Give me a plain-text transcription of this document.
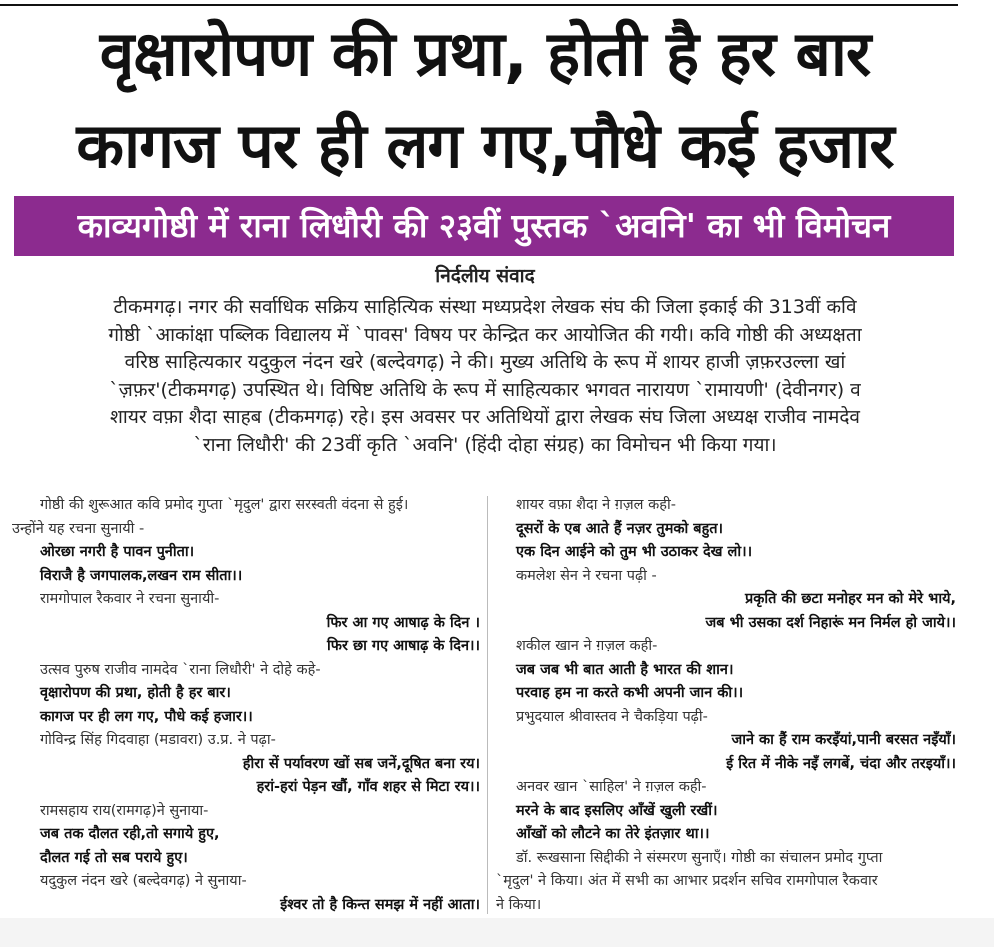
वृक्षारोपण की प्रथा, होती है हर बार
कागज पर ही लग गए,पौधे कई हजार
काव्यगोष्ठी में राना लिधौरी की २३वीं पुस्तक `अवनि' का भी विमोचन
निर्दलीय संवाद
टीकमगढ़। नगर की सर्वाधिक सक्रिय साहित्यिक संस्था मध्यप्रदेश लेखक संघ की जिला इकाई की 313वीं कवि
गोष्ठी `आकांक्षा पब्लिक विद्यालय में `पावस' विषय पर केन्द्रित कर आयोजित की गयी। कवि गोष्ठी की अध्यक्षता
वरिष्ठ साहित्यकार यदुकुल नंदन खरे (बल्देवगढ़) ने की। मुख्य अतिथि के रूप में शायर हाजी ज़फ़रउल्ला खां
`ज़फ़र'(टीकमगढ़) उपस्थित थे। विषिष्ट अतिथि के रूप में साहित्यकार भगवत नारायण `रामायणी' (देवीनगर) व
शायर वफ़ा शैदा साहब (टीकमगढ़) रहे। इस अवसर पर अतिथियों द्वारा लेखक संघ जिला अध्यक्ष राजीव नामदेव
`राना लिधौरी' की 23वीं कृति `अवनि' (हिंदी दोहा संग्रह) का विमोचन भी किया गया।
गोष्ठी की शुरूआत कवि प्रमोद गुप्ता `मृदुल' द्वारा सरस्वती वंदना से हुई।
उन्होंने यह रचना सुनायी -
ओरछा नगरी है पावन पुनीता।
विराजै है जगपालक,लखन राम सीता।।
रामगोपाल रैकवार ने रचना सुनायी-
फिर आ गए आषाढ़ के दिन ।
फिर छा गए आषाढ़ के दिन।।
उत्सव पुरुष राजीव नामदेव `राना लिधौरी' ने दोहे कहे-
वृक्षारोपण की प्रथा, होती है हर बार।
कागज पर ही लग गए, पौधे कई हजार।।
गोविन्द्र सिंह गिदवाहा (मडावरा) उ.प्र. ने पढ़ा-
हीरा सें पर्यावरण खों सब जनें,दूषित बना रय।
हरां-हरां पेड़न खौं, गाँव शहर से मिटा रय।।
रामसहाय राय(रामगढ़)ने सुनाया-
जब तक दौलत रही,तो सगाये हुए,
दौलत गई तो सब पराये हुए।
यदुकुल नंदन खरे (बल्देवगढ़) ने सुनाया-
ईश्वर तो है किन्त समझ में नहीं आता।
शायर वफ़ा शैदा ने ग़ज़ल कही-
दूसरों के एब आते हैं नज़र तुमको बहुत।
एक दिन आईने को तुम भी उठाकर देख लो।।
कमलेश सेन ने रचना पढ़ी -
प्रकृति की छटा मनोहर मन को मेरे भाये,
जब भी उसका दर्श निहारूं मन निर्मल हो जाये।।
शकील खान ने ग़ज़ल कही-
जब जब भी बात आती है भारत की शान।
परवाह हम ना करते कभी अपनी जान की।।
प्रभुदयाल श्रीवास्तव ने चैकड़िया पढ़ी-
जाने का हैं राम करइँयां,पानी बरसत नइँयाँ।
ई रित में नीके नइँ लगबें, चंदा और तरइयाँ।।
अनवर खान `साहिल' ने ग़ज़ल कही-
मरने के बाद इसलिए आँखें खुली रखीं।
आँखों को लौटने का तेरे इंतज़ार था।।
डॉ. रूखसाना सिद्दीकी ने संस्मरण सुनाएँ। गोष्ठी का संचालन प्रमोद गुप्ता
`मृदुल' ने किया। अंत में सभी का आभार प्रदर्शन सचिव रामगोपाल रैकवार
ने किया।
